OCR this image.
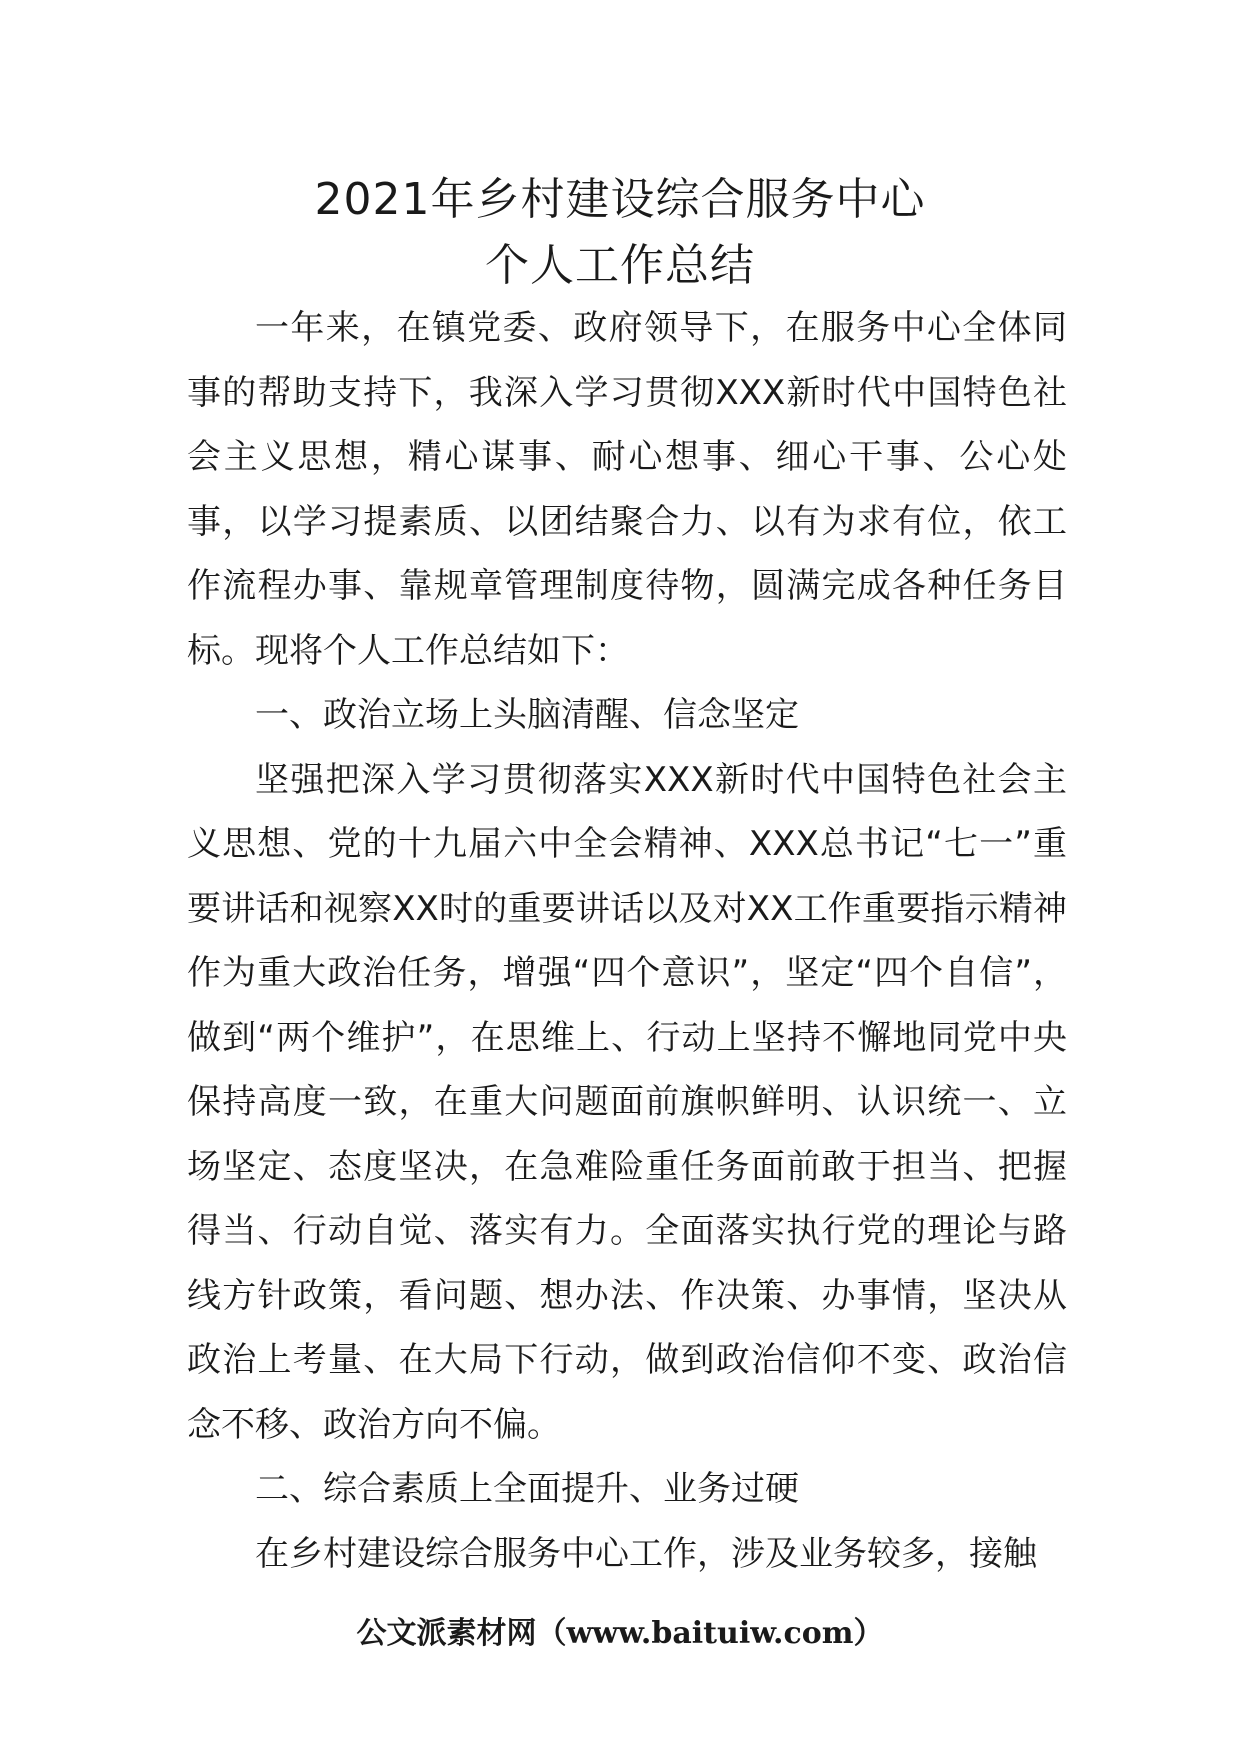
2021年乡村建设综合服务中心
个人工作总结

一年来，在镇党委、政府领导下，在服务中心全体同事的帮助支持下，我深入学习贯彻XXX新时代中国特色社会主义思想，精心谋事、耐心想事、细心干事、公心处事，以学习提素质、以团结聚合力、以有为求有位，依工作流程办事、靠规章管理制度待物，圆满完成各种任务目标。现将个人工作总结如下：

一、政治立场上头脑清醒、信念坚定

坚强把深入学习贯彻落实XXX新时代中国特色社会主义思想、党的十九届六中全会精神、XXX总书记“七一”重要讲话和视察XX时的重要讲话以及对XX工作重要指示精神作为重大政治任务，增强“四个意识”，坚定“四个自信”，做到“两个维护”，在思维上、行动上坚持不懈地同党中央保持高度一致，在重大问题面前旗帜鲜明、认识统一、立场坚定、态度坚决，在急难险重任务面前敢于担当、把握得当、行动自觉、落实有力。全面落实执行党的理论与路线方针政策，看问题、想办法、作决策、办事情，坚决从政治上考量、在大局下行动，做到政治信仰不变、政治信念不移、政治方向不偏。

二、综合素质上全面提升、业务过硬

在乡村建设综合服务中心工作，涉及业务较多，接触

公文派素材网（www.baituiw.com）
